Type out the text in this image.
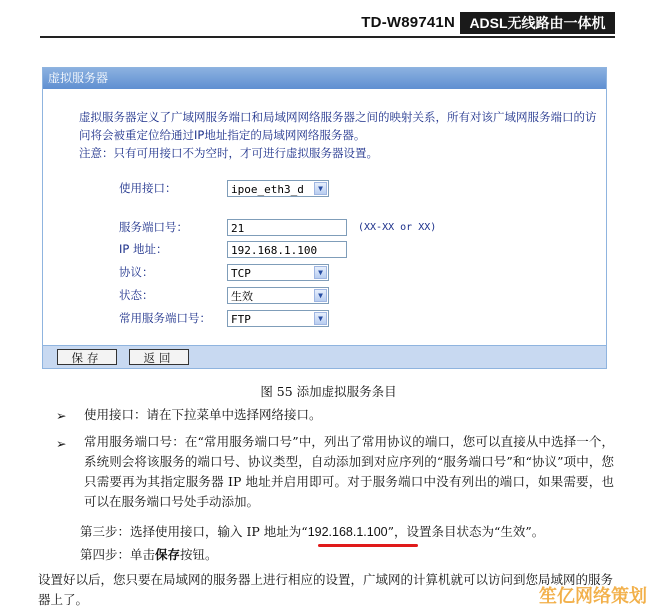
TD-W89741N	ADSL无线路由一体机
虚拟服务器
虚拟服务器定义了广域网服务端口和局域网网络服务器之间的映射关系，所有对该广域网服务端口的访问将会被重定位给通过IP地址指定的局域网网络服务器。
注意：只有可用接口不为空时，才可进行虚拟服务器设置。
使用接口：	ipoe_eth3_d	▼
服务端口号：	21	(XX-XX or XX)
IP 地址：	192.168.1.100
协议：	TCP	▼
状态：	生效	▼
常用服务端口号：	FTP	▼
保存	返回
图 55 添加虚拟服务条目
➢ 使用接口：请在下拉菜单中选择网络接口。
➢ 常用服务端口号：在“常用服务端口号”中，列出了常用协议的端口，您可以直接从中选择一个，系统则会将该服务的端口号、协议类型，自动添加到对应序列的“服务端口号”和“协议”项中，您只需要再为其指定服务器 IP 地址并启用即可。对于服务端口中没有列出的端口，如果需要，也可以在服务端口号处手动添加。
第三步：选择使用接口，输入 IP 地址为“192.168.1.100”，设置条目状态为“生效”。
第四步：单击保存按钮。
设置好以后，您只要在局域网的服务器上进行相应的设置，广域网的计算机就可以访问到您局域网的服务器上了。	笙亿网络策划
